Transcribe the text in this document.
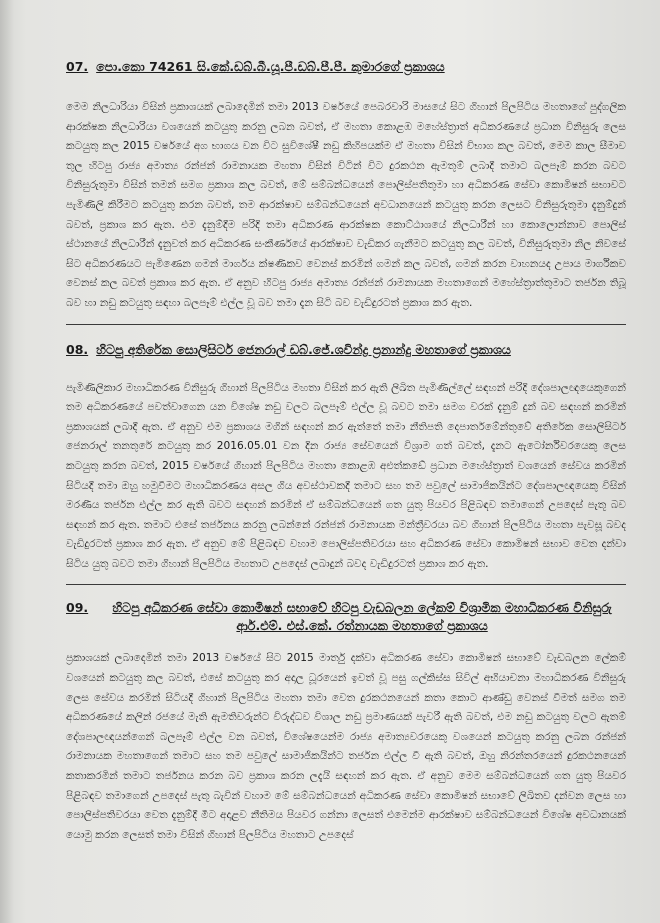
07. පො.කො 74261 සි.කේ.ඩබ්.බී.යූ.පී.ඩබ්.පී.පී. කුමාරගේ ප්‍රකාශය

මෙම නිලධාරියා විසින් ප්‍රකාශයක් ලබාදෙමින් තමා 2013 වර්ෂයේ පෙබරවාරි මාසයේ සිට ගිහාන් පිලපිටිය මහතාගේ පුද්ගලික ආරක්ෂක නිලධාරියා වශයෙන් කටයුතු කරනු ලබන බවත්, ඒ මහතා කොළඹ මහේස්ත්‍රාත් අධිකරණයේ ප්‍රධාන විනිසුරු ලෙස කටයුතු කල 2015 වර්ෂයේ අග භාගය වන විට සුවිශේෂී නඩු කිහිපයක්ම ඒ මහතා විසින් විභාග කල බවත්, මෙම කාල සීමාව තුල හිටපු රාජ්‍ය අමාත්‍ය රන්ජන් රාමනායක මහතා විසින් විටින් විට දුරකථන ඇමතුම් ලබාදී තමාට බලපෑම් කරන බවට විනිසුරුතුමා විසින් තමන් සමග ප්‍රකාශ කල බවත්, මේ සම්බන්ධයෙන් පොලිස්පතිතුමා හා අධිකරණ සේවා කොමිෂන් සභාවට පැමිණිලි කිරීමට කටයුතු කරන බවත්, තම ආරක්ෂාව සම්බන්ධයෙන් අවධානයෙන් කටයුතු කරන ලෙසට විනිසුරුතුමා දැනුම්දුන් බවත්, ප්‍රකාශ කර ඇත. එම දැනුම්දීම පරිදි තමා අධිකරණ ආරක්ෂක කොට්ඨාශයේ නිලධාරීන් හා කොලොන්නාව පොලිස් ස්ථානයේ නිලධාරීන් දැනුවත් කර අධිකරණ සංකීර්ණයේ ආරක්ෂාව වැඩිකර ගැනීමට කටයුතු කල බවත්, විනිසුරුතුමා නිල නිවසේ සිට අධිකරණයට පැමිණෙන ගමන් මාර්ගය ක්ෂණිකව වෙනස් කරමින් ගමන් කල බවත්, ගමන් කරන වාහනයද උපාය මාර්ගිකව වෙනස් කල බවත් ප්‍රකාශ කර ඇත. ඒ අනුව හිටපු රාජ්‍ය අමාත්‍ය රන්ජන් රාමනායක මහතාගෙන් මහේස්ත්‍රාත්තුමාට තර්ජන තිබූ බව හා නඩු කටයුතු සඳහා බලපෑම් එල්ල වූ බව තමා දැන සිටි බව වැඩිදුරටත් ප්‍රකාශ කර ඇත.

08. හිටපු අතිරේක සොලිසිටර් ජෙනරාල් ඩබ්.ජේ.ශවින්ද්‍ර ප්‍රනාන්දු මහතාගේ ප්‍රකාශය

පැමිණිලිකාර මහාධිකරණ විනිසුරු ගිහාන් පිලපිටිය මහතා විසින් කර ඇති ලිඛිත පැමිණිල්ලේ සඳහන් පරිදි දේශපාලඥයෙකුගෙන් තම අධිකරණයේ පවත්වාගෙන යන විශේෂ නඩු වලට බලපෑම් එල්ල වූ බවට තමා සමග වරක් දැනුම් දුන් බව සඳහන් කරමින් ප්‍රකාශයක් ලබාදී ඇත. ඒ අනුව එම ප්‍රකාශය මගින් සඳහන් කර ඇත්තේ තමා නීතිපති දෙපාර්තමේන්තුවේ අතිරේක සොලිසිටර් ජෙනරාල් තනතුරේ කටයුතු කර 2016.05.01 වන දින රාජ්‍ය සේවයෙන් විශ්‍රාම ගත් බවත්, දැනට ඇටෝර්නිවරයෙකු ලෙස කටයුතු කරන බවත්, 2015 වර්ෂයේ ගිහාන් පිලපිටිය මහතා කොළඹ අළුත්කඩේ ප්‍රධාන මහේස්ත්‍රාත් වශයෙන් සේවය කරමින් සිටියදී තමා ඔහු හමුවීමට මහාධිකරණය අසල ගිය අවස්ථාවකදී තමාට සහ තම පවුලේ සාමාජිකයින්ට දේශපාලඥයෙකු විසින් මරණීය තර්ජන එල්ල කර ඇති බවට සඳහන් කරමින් ඒ සම්බන්ධයෙන් ගත යුතු පියවර පිළිබඳව තමාගෙන් උපදෙස් පැතූ බව සඳහන් කර ඇත. තමාට එසේ තර්ජනය කරනු ලබන්නේ රන්ජන් රාමනායක මන්ත්‍රීවරයා බව ගිහාන් පිලපිටිය මහතා පැවසූ බවද වැඩිදුරටත් ප්‍රකාශ කර ඇත. ඒ අනුව මේ පිළිබඳව වහාම පොලිස්පතිවරයා සහ අධිකරණ සේවා කොමිෂන් සභාව වෙත දන්වා සිටිය යුතු බවට තමා ගිහාන් පිලපිටිය මහතාට උපදෙස් ලබාදුන් බවද වැඩිදුරටත් ප්‍රකාශ කර ඇත.

09.	හිටපු අධිකරණ සේවා කොමිෂන් සභාවේ හිටපු වැඩබලන ලේකම් විශ්‍රාමික මහාධිකරණ විනිසුරු ආර්.එම්. එස්.කේ. රත්නායක මහතාගේ ප්‍රකාශය

ප්‍රකාශයක් ලබාදෙමින් තමා 2013 වර්ෂයේ සිට 2015 මාර්තු දක්වා අධිකරණ සේවා කොමිෂන් සභාවේ වැඩබලන ලේකම් වශයෙන් කටයුතු කල බවත්, එසේ කටයුතු කර අදාල ධූරයෙන් ඉවත් වූ පසු ගල්කිස්ස සිවිල් අභියාචනා මහාධිකරණ විනිසුරු ලෙස සේවය කරමින් සිටියදී ගිහාන් පිලපිටිය මහතා තමා වෙත දුරකථනයෙන් කතා කොට ආණ්ඩු වෙනස් වීමත් සමග තම අධිකරණයේ කලින් රජයේ මැති ඇමතිවරුන්ට විරුද්ධව විශාල නඩු ප්‍රමාණයක් පැවරී ඇති බවත්, එම නඩු කටයුතු වලට ඇතම් දේශපාලඥයන්ගෙන් බලපෑම් එල්ල වන බවත්, විශේෂයෙන්ම රාජ්‍ය අමාත්‍යවරයෙකු වශයෙන් කටයුතු කරනු ලබන රන්ජන් රාමනායක මහතාගෙන් තමාට සහ තම පවුලේ සාමාජිකයින්ට තර්ජන එල්ල වී ඇති බවත්, ඔහු නිරන්තරයෙන් දුරකථනයෙන් කතාකරමින් තමාට තර්ජනය කරන බව ප්‍රකාශ කරන ලදැයි සඳහන් කර ඇත. ඒ අනුව මෙම සම්බන්ධයෙන් ගත යුතු පියවර පිළිබඳව තමාගෙන් උපදෙස් පැතූ බැවින් වහාම මේ සම්බන්ධයෙන් අධිකරණ සේවා කොමිෂන් සභාවේ ලිඛිතව දන්වන ලෙස හා පොලිස්පතිවරයා වෙත දැනුම්දී මීට අදාළව නීතිමය පියවර ගන්නා ලෙසත් එමෙන්ම ආරක්ෂාව සම්බන්ධයෙන් විශේෂ අවධානයක් යොමු කරන ලෙසත් තමා විසින් ගිහාන් පිලපිටිය මහතාට උපදෙස්
